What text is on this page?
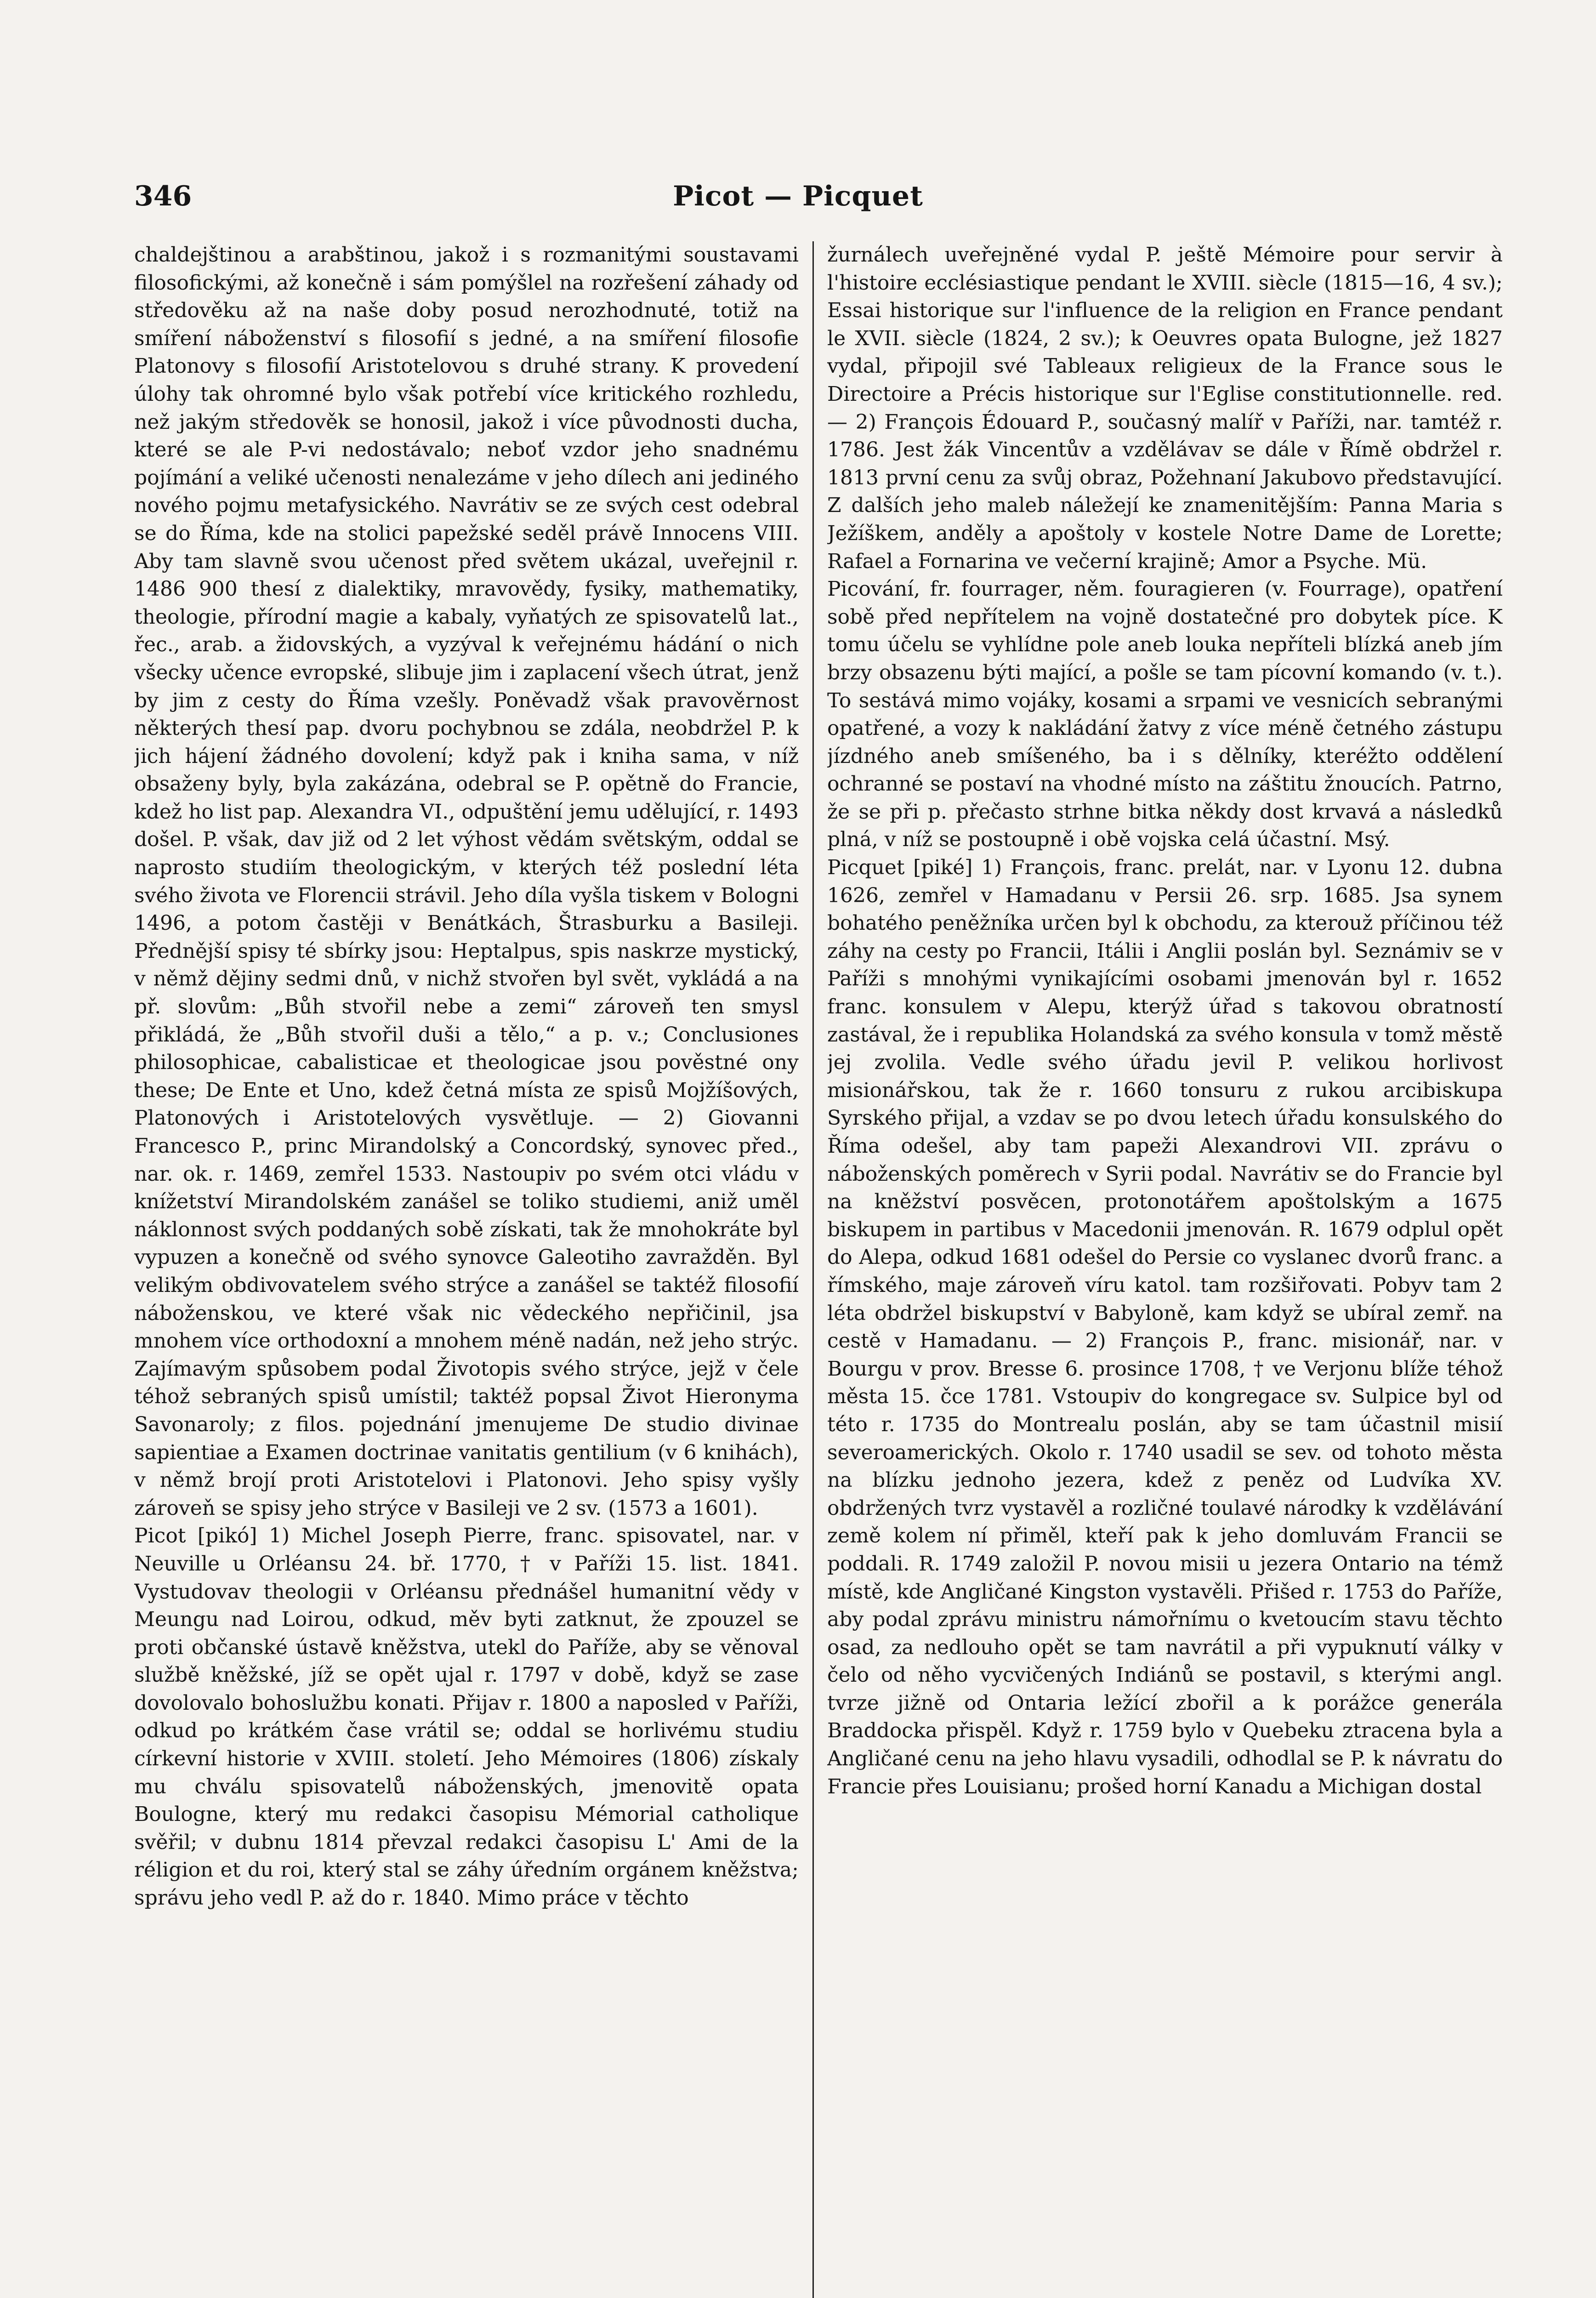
346	Picot — Picquet

chaldejštinou a arabštinou, jakož i s rozmanitými soustavami filosofickými, až konečně i sám pomýšlel na rozřešení záhady od středověku až na naše doby posud nerozhodnuté, totiž na smíření náboženství s filosofií s jedné, a na smíření filosofie Platonovy s filosofií Aristotelovou s druhé strany. K provedení úlohy tak ohromné bylo však potřebí více kritického rozhledu, než jakým středověk se honosil, jakož i více původnosti ducha, které se ale P-vi nedostávalo; neboť vzdor jeho snadnému pojímání a veliké učenosti nenalezáme v jeho dílech ani jediného nového pojmu metafysického. Navrátiv se ze svých cest odebral se do Říma, kde na stolici papežské seděl právě Innocens VIII. Aby tam slavně svou učenost před světem ukázal, uveřejnil r. 1486 900 thesí z dialektiky, mravovědy, fysiky, mathematiky, theologie, přírodní magie a kabaly, vyňatých ze spisovatelů lat., řec., arab. a židovských, a vyzýval k veřejnému hádání o nich všecky učence evropské, slibuje jim i zaplacení všech útrat, jenž by jim z cesty do Říma vzešly. Poněvadž však pravověrnost některých thesí pap. dvoru pochybnou se zdála, neobdržel P. k jich hájení žádného dovolení; když pak i kniha sama, v níž obsaženy byly, byla zakázána, odebral se P. opětně do Francie, kdež ho list pap. Alexandra VI., odpuštění jemu udělující, r. 1493 došel. P. však, dav již od 2 let výhost vědám světským, oddal se naprosto studiím theologickým, v kterých též poslední léta svého života ve Florencii strávil. Jeho díla vyšla tiskem v Bologni 1496, a potom častěji v Benátkách, Štrasburku a Basileji. Přednější spisy té sbírky jsou: Heptalpus, spis naskrze mystický, v němž dějiny sedmi dnů, v nichž stvořen byl svět, vykládá a na př. slovům: „Bůh stvořil nebe a zemi“ zároveň ten smysl přikládá, že „Bůh stvořil duši a tělo,“ a p. v.; Conclusiones philosophicae, cabalisticae et theologicae jsou pověstné ony these; De Ente et Uno, kdež četná místa ze spisů Mojžíšových, Platonových i Aristotelových vysvětluje. — 2) Giovanni Francesco P., princ Mirandolský a Concordský, synovec před., nar. ok. r. 1469, zemřel 1533. Nastoupiv po svém otci vládu v knížetství Mirandolském zanášel se toliko studiemi, aniž uměl náklonnost svých poddaných sobě získati, tak že mnohokráte byl vypuzen a konečně od svého synovce Galeotiho zavražděn. Byl velikým obdivovatelem svého strýce a zanášel se taktéž filosofií náboženskou, ve které však nic vědeckého nepřičinil, jsa mnohem více orthodoxní a mnohem méně nadán, než jeho strýc. Zajímavým spůsobem podal Životopis svého strýce, jejž v čele téhož sebraných spisů umístil; taktéž popsal Život Hieronyma Savonaroly; z filos. pojednání jmenujeme De studio divinae sapientiae a Examen doctrinae vanitatis gentilium (v 6 knihách), v němž brojí proti Aristotelovi i Platonovi. Jeho spisy vyšly zároveň se spisy jeho strýce v Basileji ve 2 sv. (1573 a 1601).

Picot [pikó] 1) Michel Joseph Pierre, franc. spisovatel, nar. v Neuville u Orléansu 24. bř. 1770, † v Paříži 15. list. 1841. Vystudovav theologii v Orléansu přednášel humanitní vědy v Meungu nad Loirou, odkud, měv byti zatknut, že zpouzel se proti občanské ústavě kněžstva, utekl do Paříže, aby se věnoval službě kněžské, jíž se opět ujal r. 1797 v době, když se zase dovolovalo bohoslužbu konati. Přijav r. 1800 a naposled v Paříži, odkud po krátkém čase vrátil se; oddal se horlivému studiu církevní historie v XVIII. století. Jeho Mémoires (1806) získaly mu chválu spisovatelů náboženských, jmenovitě opata Boulogne, který mu redakci časopisu Mémorial catholique svěřil; v dubnu 1814 převzal redakci časopisu L' Ami de la réligion et du roi, který stal se záhy úředním orgánem kněžstva; správu jeho vedl P. až do r. 1840. Mimo práce v těchto

žurnálech uveřejněné vydal P. ještě Mémoire pour servir à l'histoire ecclésiastique pendant le XVIII. siècle (1815—16, 4 sv.); Essai historique sur l'influence de la religion en France pendant le XVII. siècle (1824, 2 sv.); k Oeuvres opata Bulogne, jež 1827 vydal, připojil své Tableaux religieux de la France sous le Directoire a Précis historique sur l'Eglise constitutionnelle. red. — 2) François Édouard P., současný malíř v Paříži, nar. tamtéž r. 1786. Jest žák Vincentův a vzdělávav se dále v Římě obdržel r. 1813 první cenu za svůj obraz, Požehnaní Jakubovo představující. Z dalších jeho maleb náležejí ke znamenitějším: Panna Maria s Ježíškem, anděly a apoštoly v kostele Notre Dame de Lorette; Rafael a Fornarina ve večerní krajině; Amor a Psyche. Mü.

Picování, fr. fourrager, něm. fouragieren (v. Fourrage), opatření sobě před nepřítelem na vojně dostatečné pro dobytek píce. K tomu účelu se vyhlídne pole aneb louka nepříteli blízká aneb jím brzy obsazenu býti mající, a pošle se tam pícovní komando (v. t.). To sestává mimo vojáky, kosami a srpami ve vesnicích sebranými opatřené, a vozy k nakládání žatvy z více méně četného zástupu jízdného aneb smíšeného, ba i s dělníky, kteréžto oddělení ochranné se postaví na vhodné místo na záštitu žnoucích. Patrno, že se při p. přečasto strhne bitka někdy dost krvavá a následků plná, v níž se postoupně i obě vojska celá účastní. Msý.

Picquet [piké] 1) François, franc. prelát, nar. v Lyonu 12. dubna 1626, zemřel v Hamadanu v Persii 26. srp. 1685. Jsa synem bohatého peněžníka určen byl k obchodu, za kterouž příčinou též záhy na cesty po Francii, Itálii i Anglii poslán byl. Seznámiv se v Paříži s mnohými vynikajícími osobami jmenován byl r. 1652 franc. konsulem v Alepu, kterýž úřad s takovou obratností zastával, že i republika Holandská za svého konsula v tomž městě jej zvolila. Vedle svého úřadu jevil P. velikou horlivost misionářskou, tak že r. 1660 tonsuru z rukou arcibiskupa Syrského přijal, a vzdav se po dvou letech úřadu konsulského do Říma odešel, aby tam papeži Alexandrovi VII. zprávu o náboženských poměrech v Syrii podal. Navrátiv se do Francie byl na kněžství posvěcen, protonotářem apoštolským a 1675 biskupem in partibus v Macedonii jmenován. R. 1679 odplul opět do Alepa, odkud 1681 odešel do Persie co vyslanec dvorů franc. a římského, maje zároveň víru katol. tam rozšiřovati. Pobyv tam 2 léta obdržel biskupství v Babyloně, kam když se ubíral zemř. na cestě v Hamadanu. — 2) François P., franc. misionář, nar. v Bourgu v prov. Bresse 6. prosince 1708, † ve Verjonu blíže téhož města 15. čce 1781. Vstoupiv do kongregace sv. Sulpice byl od této r. 1735 do Montrealu poslán, aby se tam účastnil misií severoamerických. Okolo r. 1740 usadil se sev. od tohoto města na blízku jednoho jezera, kdež z peněz od Ludvíka XV. obdržených tvrz vystavěl a rozličné toulavé národky k vzdělávání země kolem ní přiměl, kteří pak k jeho domluvám Francii se poddali. R. 1749 založil P. novou misii u jezera Ontario na témž místě, kde Angličané Kingston vystavěli. Přišed r. 1753 do Paříže, aby podal zprávu ministru námořnímu o kvetoucím stavu těchto osad, za nedlouho opět se tam navrátil a při vypuknutí války v čelo od něho vycvičených Indiánů se postavil, s kterými angl. tvrze jižně od Ontaria ležící zbořil a k porážce generála Braddocka přispěl. Když r. 1759 bylo v Quebeku ztracena byla a Angličané cenu na jeho hlavu vysadili, odhodlal se P. k návratu do Francie přes Louisianu; prošed horní Kanadu a Michigan dostal
